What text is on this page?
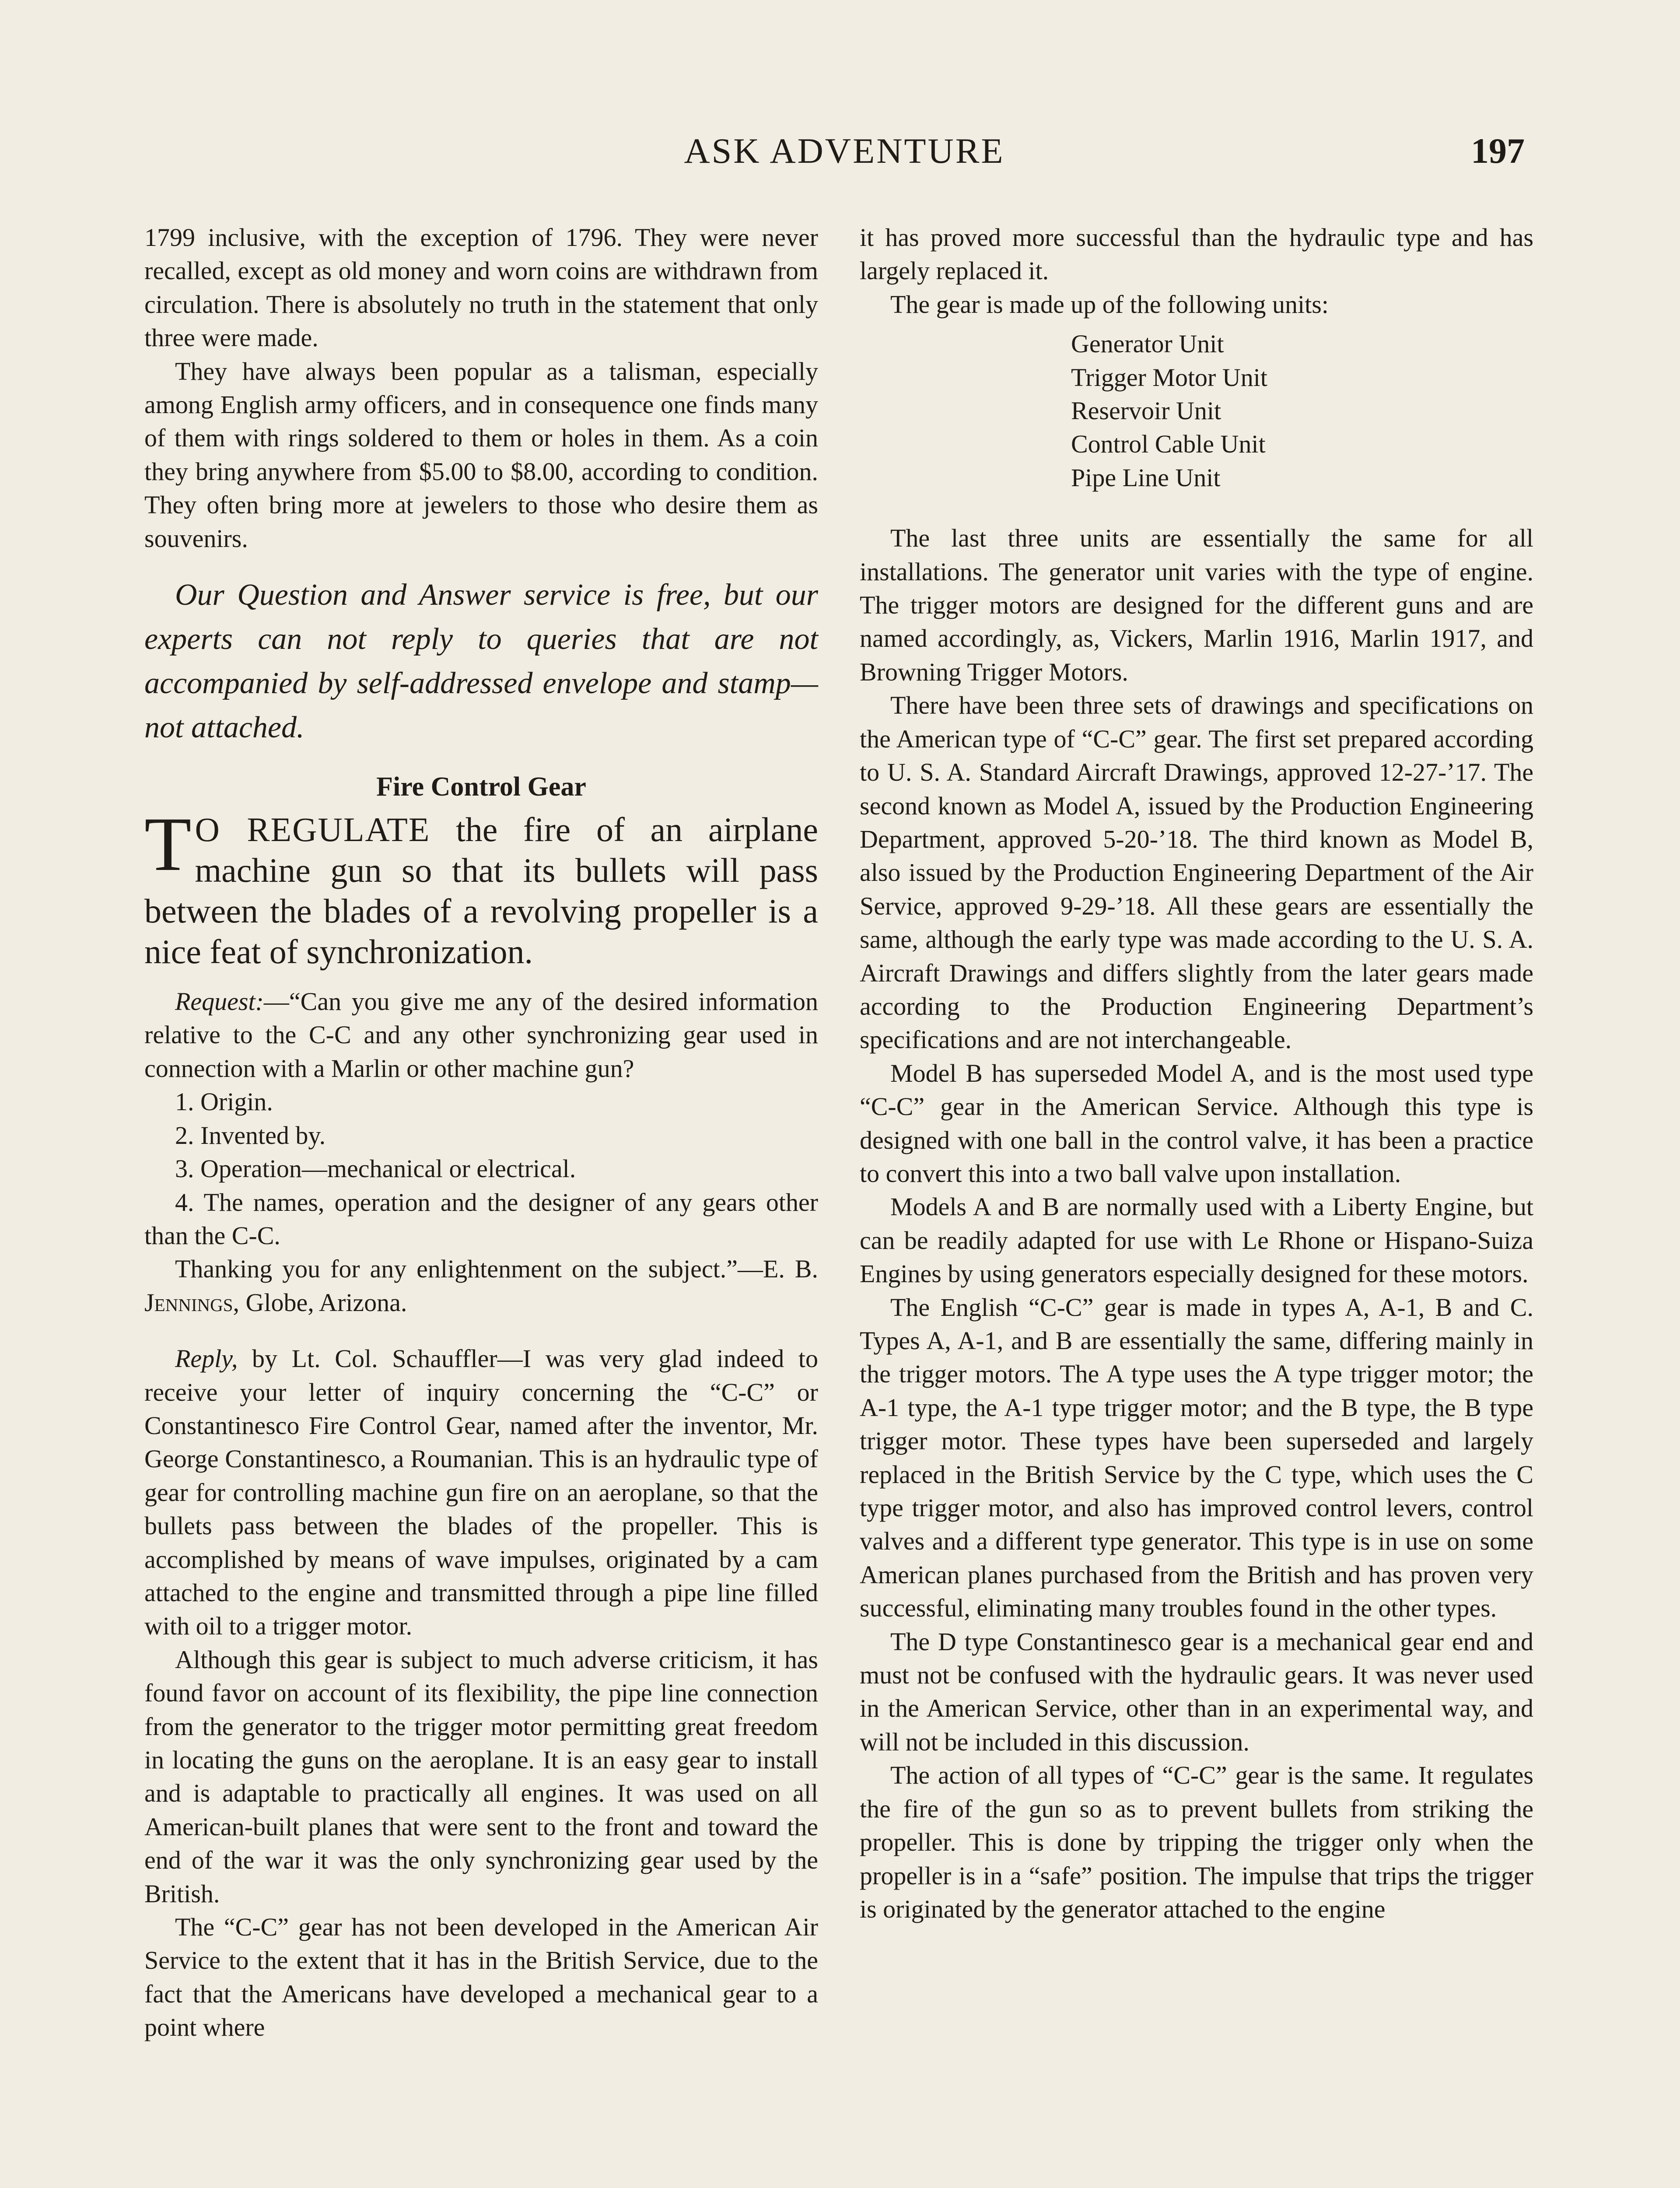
ASK ADVENTURE	197

1799 inclusive, with the exception of 1796. They were never recalled, except as old money and worn coins are withdrawn from circulation. There is absolutely no truth in the statement that only three were made.

They have always been popular as a talisman, especially among English army officers, and in consequence one finds many of them with rings soldered to them or holes in them. As a coin they bring anywhere from $5.00 to $8.00, according to condition. They often bring more at jewelers to those who desire them as souvenirs.

Our Question and Answer service is free, but our experts can not reply to queries that are not accompanied by self-addressed envelope and stamp—not attached.

Fire Control Gear

T O REGULATE the fire of an airplane machine gun so that its bullets will pass between the blades of a revolving propeller is a nice feat of synchronization.

Request:—“Can you give me any of the desired information relative to the C-C and any other synchronizing gear used in connection with a Marlin or other machine gun?

1. Origin.

2. Invented by.

3. Operation—mechanical or electrical.

4. The names, operation and the designer of any gears other than the C-C.

Thanking you for any enlightenment on the subject.”—E. B. Jennings, Globe, Arizona.

Reply, by Lt. Col. Schauffler—I was very glad indeed to receive your letter of inquiry concerning the “C-C” or Constantinesco Fire Control Gear, named after the inventor, Mr. George Constantinesco, a Roumanian. This is an hydraulic type of gear for controlling machine gun fire on an aeroplane, so that the bullets pass between the blades of the propeller. This is accomplished by means of wave impulses, originated by a cam attached to the engine and transmitted through a pipe line filled with oil to a trigger motor.

Although this gear is subject to much adverse criticism, it has found favor on account of its flexibility, the pipe line connection from the generator to the trigger motor permitting great freedom in locating the guns on the aeroplane. It is an easy gear to install and is adaptable to practically all engines. It was used on all American-built planes that were sent to the front and toward the end of the war it was the only synchronizing gear used by the British.

The “C-C” gear has not been developed in the American Air Service to the extent that it has in the British Service, due to the fact that the Americans have developed a mechanical gear to a point where

it has proved more successful than the hydraulic type and has largely replaced it.

The gear is made up of the following units:

Generator Unit
Trigger Motor Unit
Reservoir Unit
Control Cable Unit
Pipe Line Unit

The last three units are essentially the same for all installations. The generator unit varies with the type of engine. The trigger motors are designed for the different guns and are named accordingly, as, Vickers, Marlin 1916, Marlin 1917, and Browning Trigger Motors.

There have been three sets of drawings and specifications on the American type of “C-C” gear. The first set prepared according to U. S. A. Standard Aircraft Drawings, approved 12-27-’17. The second known as Model A, issued by the Production Engineering Department, approved 5-20-’18. The third known as Model B, also issued by the Production Engineering Department of the Air Service, approved 9-29-’18. All these gears are essentially the same, although the early type was made according to the U. S. A. Aircraft Drawings and differs slightly from the later gears made according to the Production Engineering Department’s specifications and are not interchangeable.

Model B has superseded Model A, and is the most used type “C-C” gear in the American Service. Although this type is designed with one ball in the control valve, it has been a practice to convert this into a two ball valve upon installation.

Models A and B are normally used with a Liberty Engine, but can be readily adapted for use with Le Rhone or Hispano-Suiza Engines by using generators especially designed for these motors.

The English “C-C” gear is made in types A, A-1, B and C. Types A, A-1, and B are essentially the same, differing mainly in the trigger motors. The A type uses the A type trigger motor; the A-1 type, the A-1 type trigger motor; and the B type, the B type trigger motor. These types have been superseded and largely replaced in the British Service by the C type, which uses the C type trigger motor, and also has improved control levers, control valves and a different type generator. This type is in use on some American planes purchased from the British and has proven very successful, eliminating many troubles found in the other types.

The D type Constantinesco gear is a mechanical gear end and must not be confused with the hydraulic gears. It was never used in the American Service, other than in an experimental way, and will not be included in this discussion.

The action of all types of “C-C” gear is the same. It regulates the fire of the gun so as to prevent bullets from striking the propeller. This is done by tripping the trigger only when the propeller is in a “safe” position. The impulse that trips the trigger is originated by the generator attached to the engine
